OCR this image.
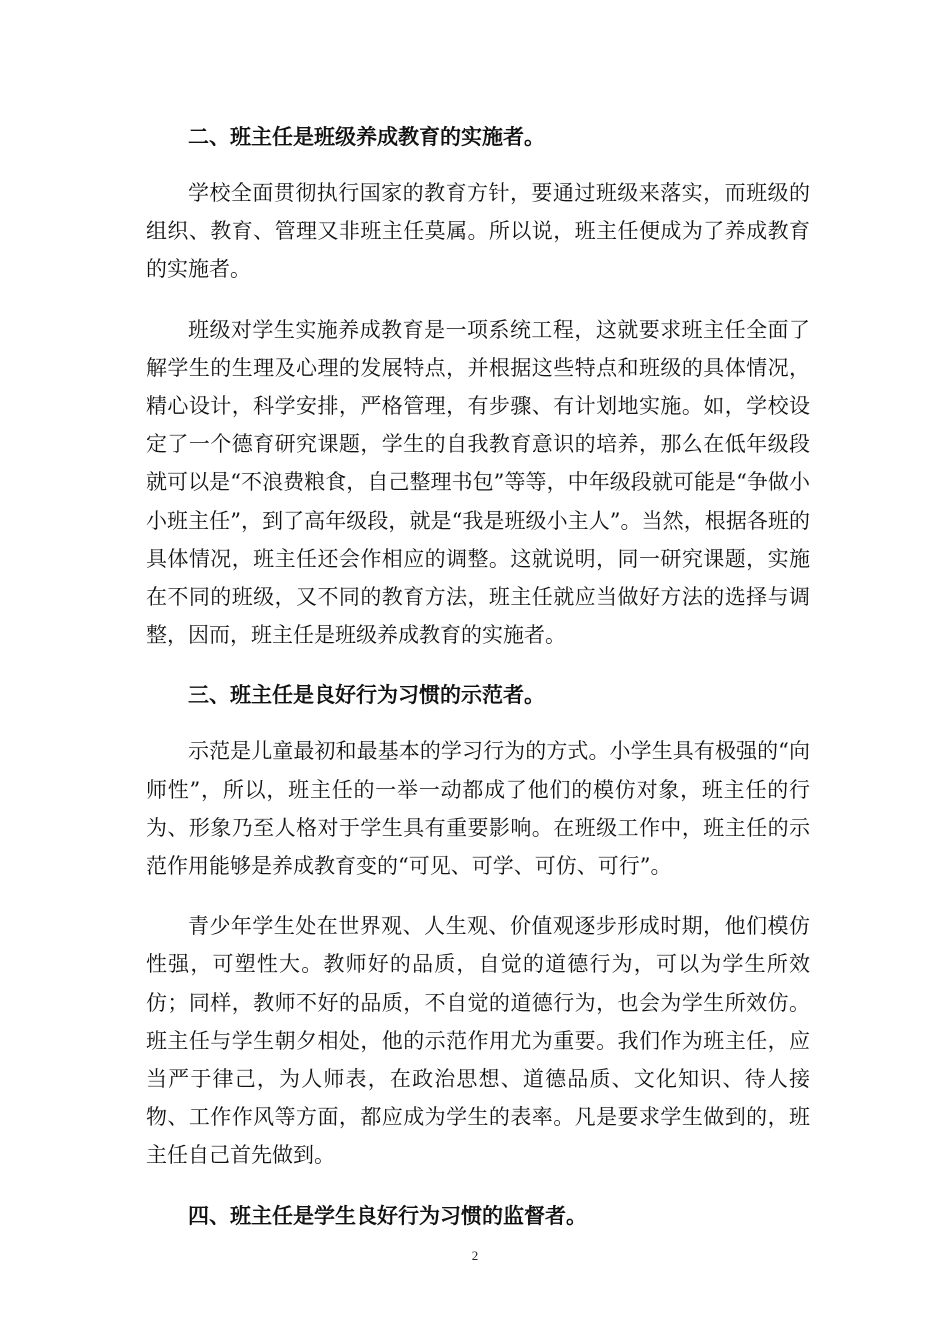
二、班主任是班级养成教育的实施者。

学校全面贯彻执行国家的教育方针，要通过班级来落实，而班级的组织、教育、管理又非班主任莫属。所以说，班主任便成为了养成教育的实施者。

班级对学生实施养成教育是一项系统工程，这就要求班主任全面了解学生的生理及心理的发展特点，并根据这些特点和班级的具体情况，精心设计，科学安排，严格管理，有步骤、有计划地实施。如，学校设定了一个德育研究课题，学生的自我教育意识的培养，那么在低年级段就可以是“不浪费粮食，自己整理书包”等等，中年级段就可能是“争做小小班主任”，到了高年级段，就是“我是班级小主人”。当然，根据各班的具体情况，班主任还会作相应的调整。这就说明，同一研究课题，实施在不同的班级，又不同的教育方法，班主任就应当做好方法的选择与调整，因而，班主任是班级养成教育的实施者。

三、班主任是良好行为习惯的示范者。

示范是儿童最初和最基本的学习行为的方式。小学生具有极强的“向师性”，所以，班主任的一举一动都成了他们的模仿对象，班主任的行为、形象乃至人格对于学生具有重要影响。在班级工作中，班主任的示范作用能够是养成教育变的“可见、可学、可仿、可行”。

青少年学生处在世界观、人生观、价值观逐步形成时期，他们模仿性强，可塑性大。教师好的品质，自觉的道德行为，可以为学生所效仿；同样，教师不好的品质，不自觉的道德行为，也会为学生所效仿。班主任与学生朝夕相处，他的示范作用尤为重要。我们作为班主任，应当严于律己，为人师表，在政治思想、道德品质、文化知识、待人接物、工作作风等方面，都应成为学生的表率。凡是要求学生做到的，班主任自己首先做到。

四、班主任是学生良好行为习惯的监督者。
2
